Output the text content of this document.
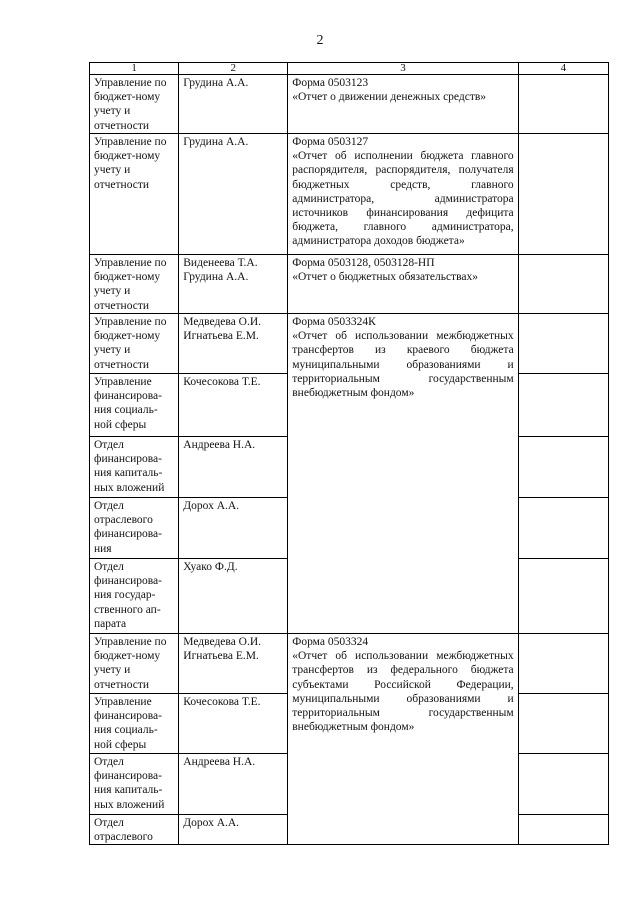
2
1	2	3	4

Управление по бюджет-ному учету и отчетности	Грудина А.А.	Форма 0503123
«Отчет о движении денежных средств»	

Управление по бюджет-ному учету и отчетности	Грудина А.А.	Форма 0503127
«Отчет об исполнении бюджета главного распорядителя, распорядителя, получателя бюджетных средств, главного администратора, администратора источников финансирования дефицита бюджета, главного администратора, администратора доходов бюджета»	

Управление по бюджет-ному учету и отчетности	Виденеева Т.А.
Грудина А.А.	Форма 0503128, 0503128-НП
«Отчет о бюджетных обязательствах»	

Управление по бюджет-ному учету и отчетности	Медведева О.И.
Игнатьева Е.М.	Форма 0503324К
«Отчет об использовании межбюджетных трансфертов из краевого бюджета муниципальными образованиями и территориальным государственным внебюджетным фондом»	

Управление финансирова-ния социаль-ной сферы	Кочесокова Т.Е.		

Отдел финансирова-ния капиталь-ных вложений	Андреева Н.А.		

Отдел отраслевого финансирова-ния	Дорох А.А.		

Отдел финансирова-ния государ-ственного ап-парата	Хуако Ф.Д.		

Управление по бюджет-ному учету и отчетности	Медведева О.И.
Игнатьева Е.М.	Форма 0503324
«Отчет об использовании межбюджетных трансфертов из федерального бюджета субъектами Российской Федерации, муниципальными образованиями и территориальным государственным внебюджетным фондом»	

Управление финансирова-ния социаль-ной сферы	Кочесокова Т.Е.		

Отдел финансирова-ния капиталь-ных вложений	Андреева Н.А.		

Отдел отраслевого	Дорох А.А.		
